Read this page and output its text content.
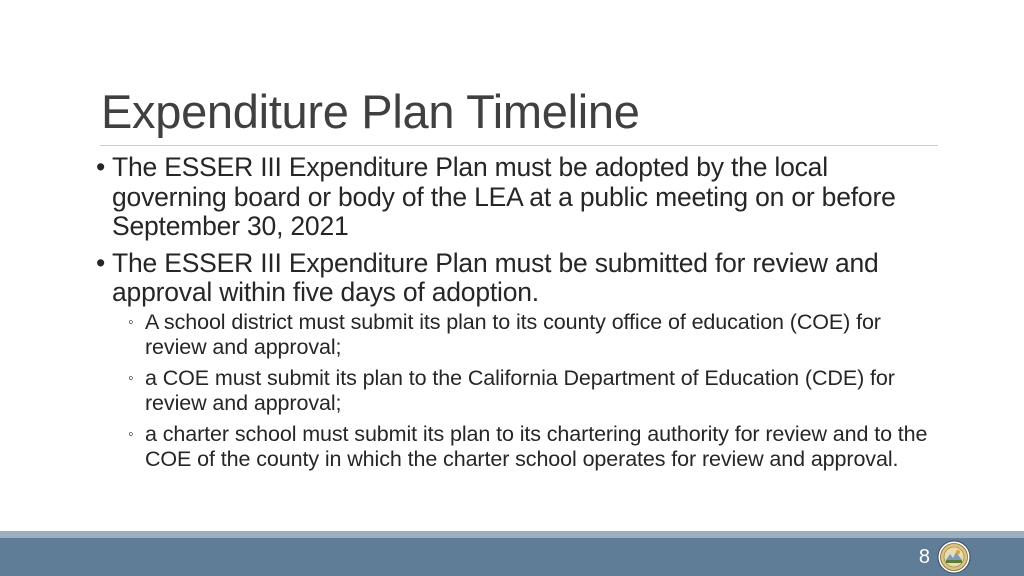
Expenditure Plan Timeline
• The ESSER III Expenditure Plan must be adopted by the local governing board or body of the LEA at a public meeting on or before September 30, 2021
• The ESSER III Expenditure Plan must be submitted for review and approval within five days of adoption.
◦ A school district must submit its plan to its county office of education (COE) for review and approval;
◦ a COE must submit its plan to the California Department of Education (CDE) for review and approval;
◦ a charter school must submit its plan to its chartering authority for review and to the COE of the county in which the charter school operates for review and approval.
8
